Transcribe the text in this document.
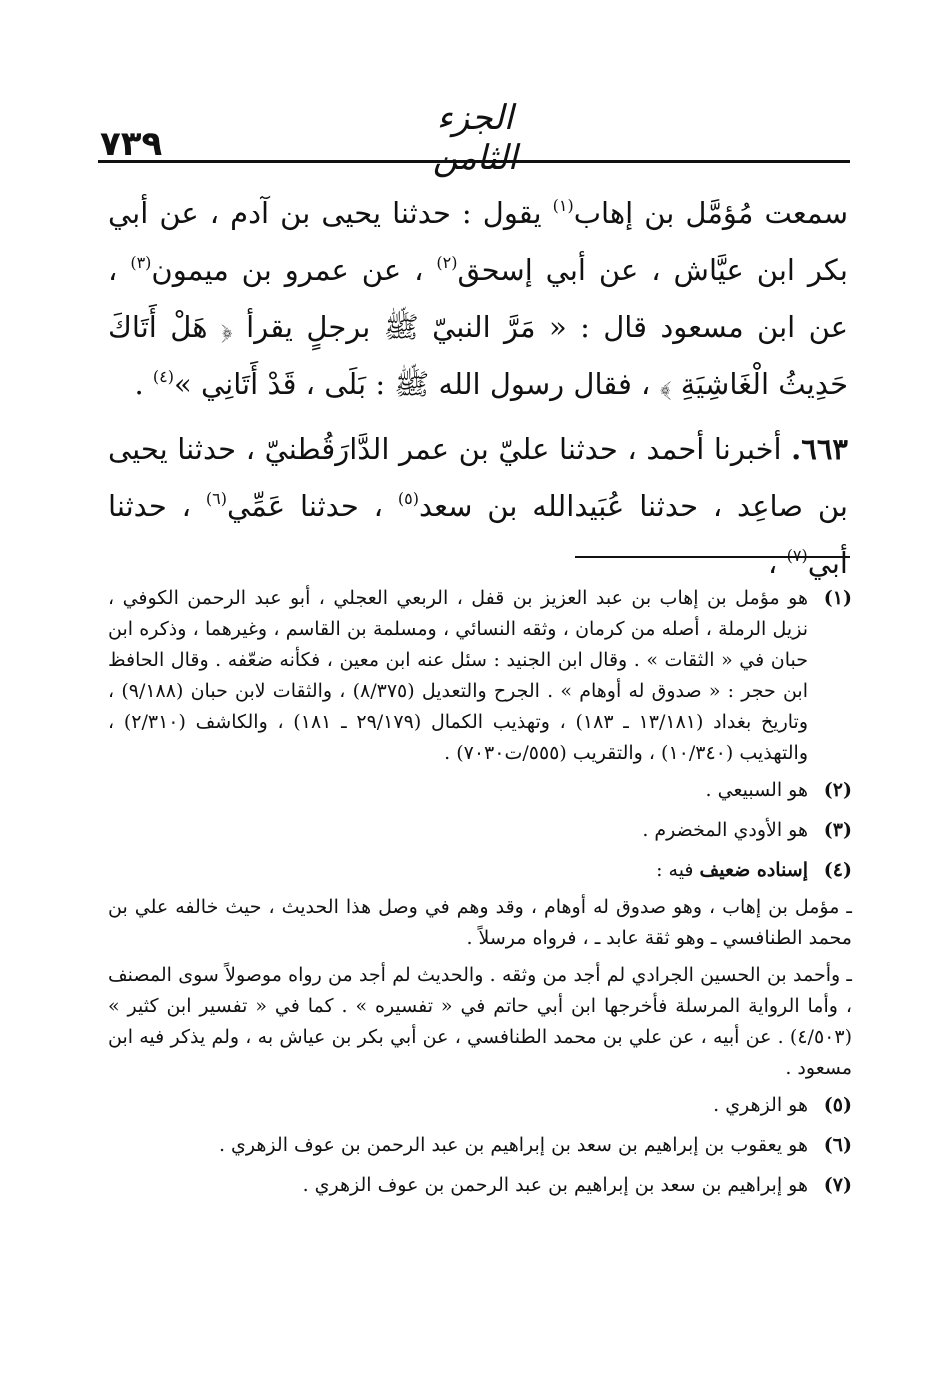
٧٣٩
الجزء الثامن

سمعت مُؤمَّل بن إهاب$^{(١)}$ يقول : حدثنا يحيى بن آدم ، عن أبي بكر ابن عيَّاش ، عن أبي إسحق$^{(٢)}$ ، عن عمرو بن ميمون$^{(٣)}$ ، عن ابن مسعود قال : « مَرَّ النبيّ ﷺ برجلٍ يقرأ ﴿ هَلْ أَتَاكَ حَدِيثُ الْغَاشِيَةِ ﴾ ، فقال رسول الله ﷺ : بَلَى ، قَدْ أَتَانِي »$^{(٤)}$ .

٦٦٣. أخبرنا أحمد ، حدثنا عليّ بن عمر الدَّارَقُطنيّ ، حدثنا يحيى بن صاعِد ، حدثنا عُبَيدالله بن سعد$^{(٥)}$ ، حدثنا عَمِّي$^{(٦)}$ ، حدثنا أبي$^{(٧)}$ ،

(١)
هو مؤمل بن إهاب بن عبد العزيز بن قفل ، الربعي العجلي ، أبو عبد الرحمن الكوفي ، نزيل الرملة ، أصله من كرمان ، وثقه النسائي ، ومسلمة بن القاسم ، وغيرهما ، وذكره ابن حبان في « الثقات » . وقال ابن الجنيد : سئل عنه ابن معين ، فكأنه ضعّفه . وقال الحافظ ابن حجر : « صدوق له أوهام » . الجرح والتعديل (٨/٣٧٥) ، والثقات لابن حبان (٩/١٨٨) ، وتاريخ بغداد (١٣/١٨١ ـ ١٨٣) ، وتهذيب الكمال (٢٩/١٧٩ ـ ١٨١) ، والكاشف (٢/٣١٠) ، والتهذيب (١٠/٣٤٠) ، والتقريب (٥٥٥/ت٧٠٣٠) .
(٢)
هو السبيعي .
(٣)
هو الأودي المخضرم .
(٤)
إسناده ضعيف فيه :
ـ مؤمل بن إهاب ، وهو صدوق له أوهام ، وقد وهم في وصل هذا الحديث ، حيث خالفه علي بن محمد الطنافسي ـ وهو ثقة عابد ـ ، فرواه مرسلاً .
ـ وأحمد بن الحسين الجرادي لم أجد من وثقه . والحديث لم أجد من رواه موصولاً سوى المصنف ، وأما الرواية المرسلة فأخرجها ابن أبي حاتم في « تفسيره » . كما في « تفسير ابن كثير » (٤/٥٠٣) . عن أبيه ، عن علي بن محمد الطنافسي ، عن أبي بكر بن عياش به ، ولم يذكر فيه ابن مسعود .
(٥)
هو الزهري .
(٦)
هو يعقوب بن إبراهيم بن سعد بن إبراهيم بن عبد الرحمن بن عوف الزهري .
(٧)
هو إبراهيم بن سعد بن إبراهيم بن عبد الرحمن بن عوف الزهري .
